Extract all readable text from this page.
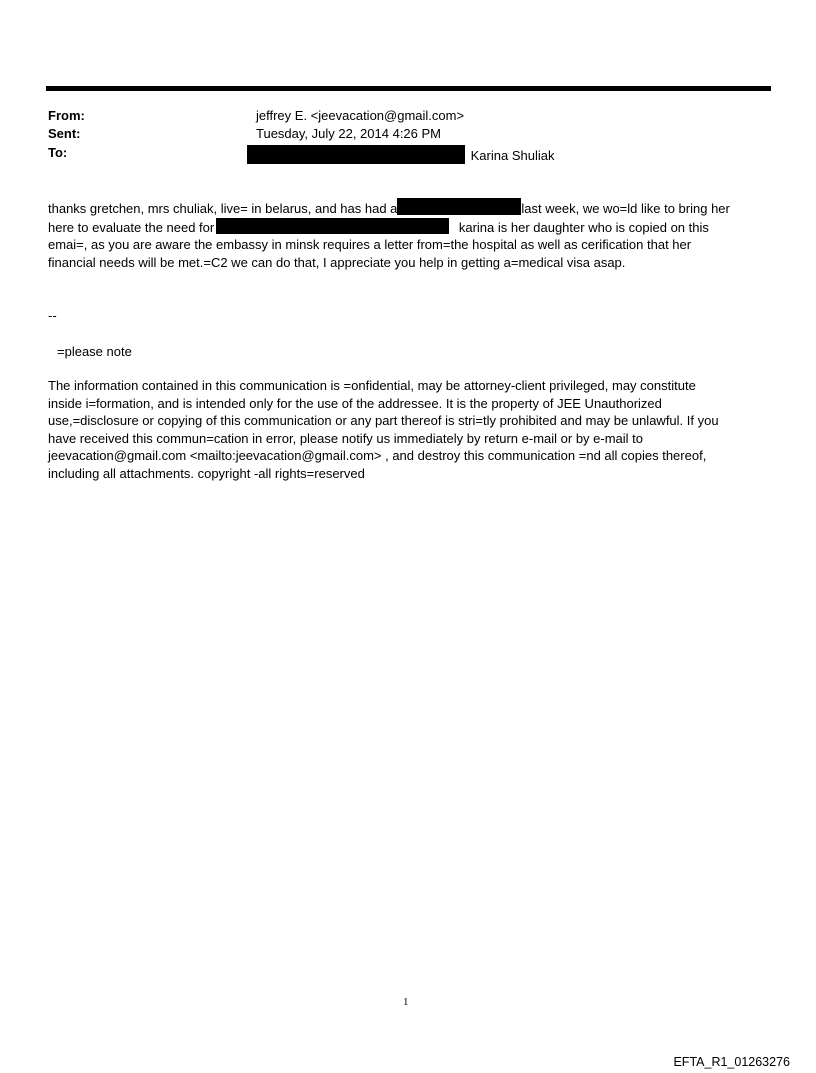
From:	jeffrey E. <jeevacation@gmail.com>
Sent:	Tuesday, July 22, 2014 4:26 PM
To:	Karina Shuliak
thanks gretchen, mrs chuliak, live= in belarus, and has had a	last week, we wo=ld like to bring her
here to evaluate the need for	karina is her daughter who is copied on this
emai=, as you are aware the embassy in minsk requires a letter from=the hospital as well as cerification that her
financial needs will be met.=C2 we can do that, I appreciate you help in getting a=medical visa asap.
--
=please note
The information contained in this communication is =onfidential, may be attorney-client privileged, may constitute
inside i=formation, and is intended only for the use of the addressee. It is the property of JEE Unauthorized
use,=disclosure or copying of this communication or any part thereof is stri=tly prohibited and may be unlawful. If you
have received this commun=cation in error, please notify us immediately by return e-mail or by e-mail to
jeevacation@gmail.com <mailto:jeevacation@gmail.com> , and destroy this communication =nd all copies thereof,
including all attachments. copyright -all rights=reserved
1
EFTA_R1_01263276
